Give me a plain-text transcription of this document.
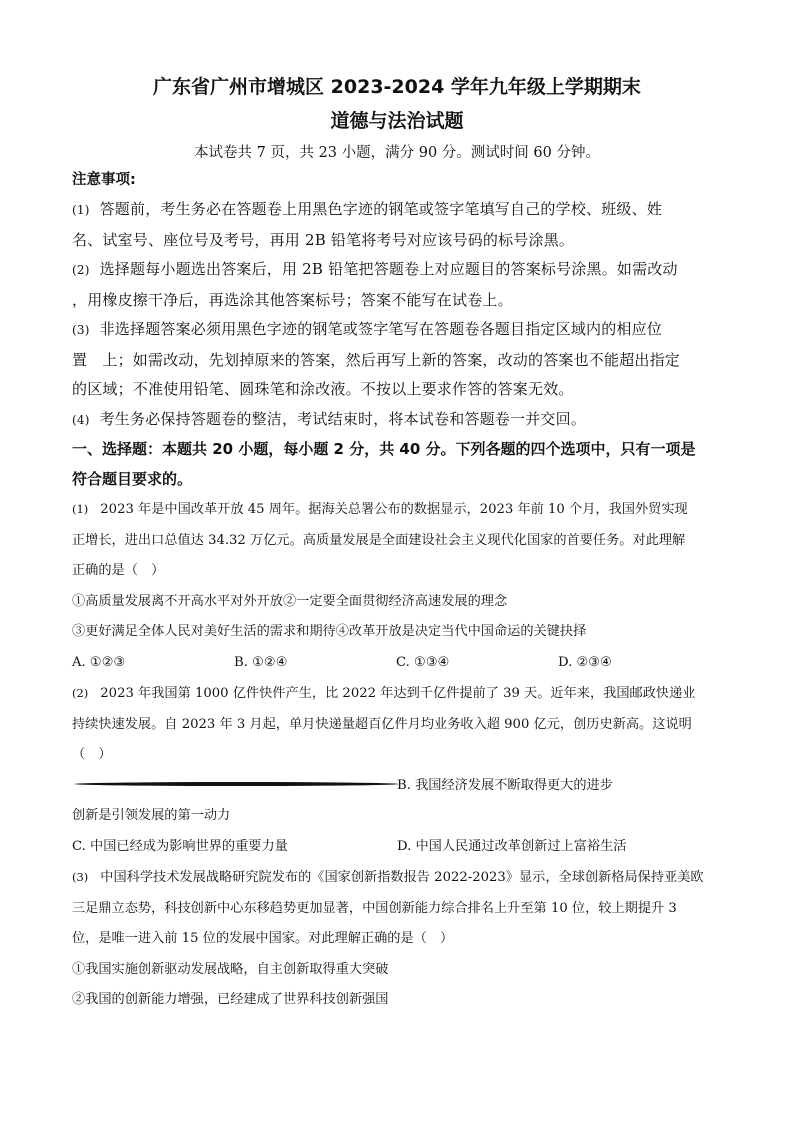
广东省广州市增城区 2023-2024 学年九年级上学期期末
道德与法治试题
本试卷共 7 页，共 23 小题，满分 90 分。测试时间 60 分钟。
注意事项:
(1) 答题前，考生务必在答题卷上用黑色字迹的钢笔或签字笔填写自己的学校、班级、姓
名、试室号、座位号及考号，再用 2B 铅笔将考号对应该号码的标号涂黑。
(2) 选择题每小题选出答案后，用 2B 铅笔把答题卷上对应题目的答案标号涂黑。如需改动
，用橡皮擦干净后，再选涂其他答案标号；答案不能写在试卷上。
(3) 非选择题答案必须用黑色字迹的钢笔或签字笔写在答题卷各题目指定区域内的相应位
置　上；如需改动，先划掉原来的答案，然后再写上新的答案，改动的答案也不能超出指定
的区域；不准使用铅笔、圆珠笔和涂改液。不按以上要求作答的答案无效。
(4) 考生务必保持答题卷的整洁，考试结束时，将本试卷和答题卷一并交回。
一、选择题：本题共 20 小题，每小题 2 分，共 40 分。下列各题的四个选项中，只有一项是
符合题目要求的。
(1) 2023 年是中国改革开放 45 周年。据海关总署公布的数据显示，2023 年前 10 个月，我国外贸实现
正增长，进出口总值达 34.32 万亿元。高质量发展是全面建设社会主义现代化国家的首要任务。对此理解
正确的是（　）
①高质量发展离不开高水平对外开放②一定要全面贯彻经济高速发展的理念
③更好满足全体人民对美好生活的需求和期待④改革开放是决定当代中国命运的关键抉择
A. ①②③	B. ①②④	C. ①③④	D. ②③④
(2) 2023 年我国第 1000 亿件快件产生，比 2022 年达到千亿件提前了 39 天。近年来，我国邮政快递业
持续快速发展。自 2023 年 3 月起，单月快递量超百亿件月均业务收入超 900 亿元，创历史新高。这说明
（　）
创新是引领发展的第一动力
B. 我国经济发展不断取得更大的进步
C. 中国已经成为影响世界的重要力量	D. 中国人民通过改革创新过上富裕生活
(3) 中国科学技术发展战略研究院发布的《国家创新指数报告 2022-2023》显示，全球创新格局保持亚美欧
三足鼎立态势，科技创新中心东移趋势更加显著，中国创新能力综合排名上升至第 10 位，较上期提升 3
位，是唯一进入前 15 位的发展中国家。对此理解正确的是（　）
①我国实施创新驱动发展战略，自主创新取得重大突破
②我国的创新能力增强，已经建成了世界科技创新强国
